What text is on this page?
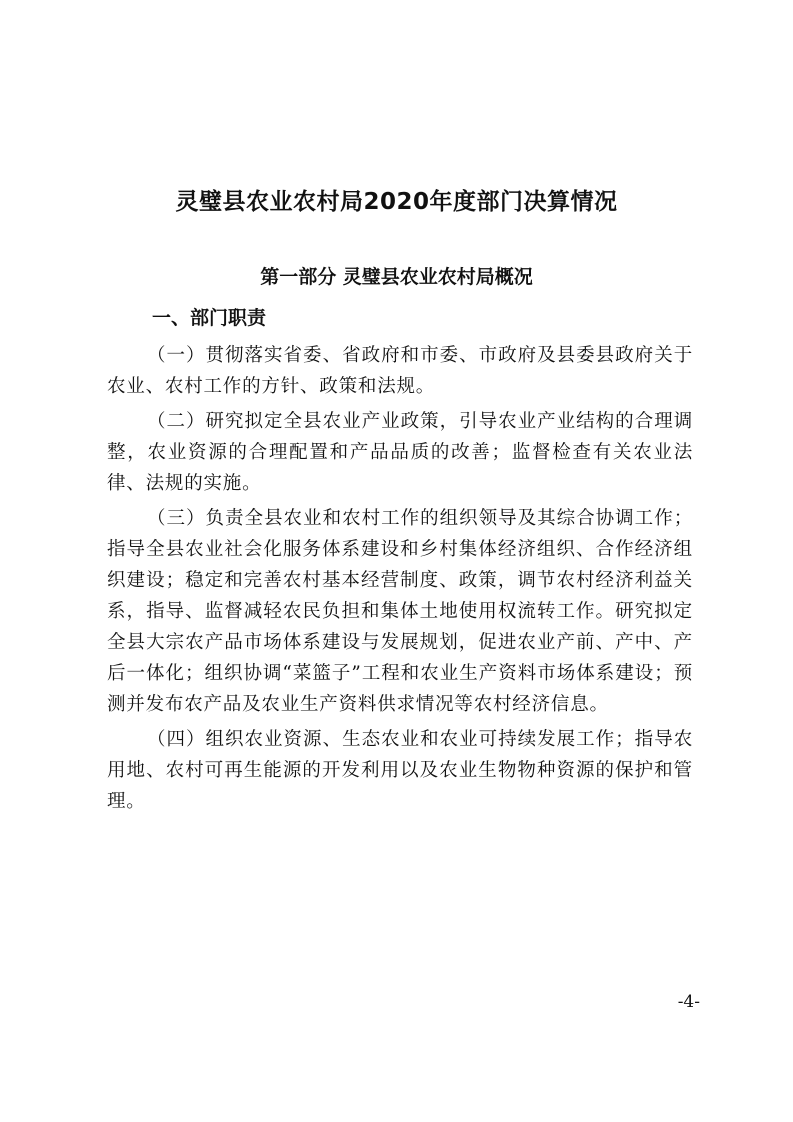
灵璧县农业农村局2020年度部门决算情况
第一部分 灵璧县农业农村局概况
一、部门职责

（一）贯彻落实省委、省政府和市委、市政府及县委县政府关于农业、农村工作的方针、政策和法规。

（二）研究拟定全县农业产业政策，引导农业产业结构的合理调整，农业资源的合理配置和产品品质的改善；监督检查有关农业法律、法规的实施。

（三）负责全县农业和农村工作的组织领导及其综合协调工作；指导全县农业社会化服务体系建设和乡村集体经济组织、合作经济组织建设；稳定和完善农村基本经营制度、政策，调节农村经济利益关系，指导、监督减轻农民负担和集体土地使用权流转工作。研究拟定全县大宗农产品市场体系建设与发展规划，促进农业产前、产中、产后一体化；组织协调“菜篮子”工程和农业生产资料市场体系建设；预测并发布农产品及农业生产资料供求情况等农村经济信息。

（四）组织农业资源、生态农业和农业可持续发展工作；指导农用地、农村可再生能源的开发利用以及农业生物物种资源的保护和管理。

-4-
